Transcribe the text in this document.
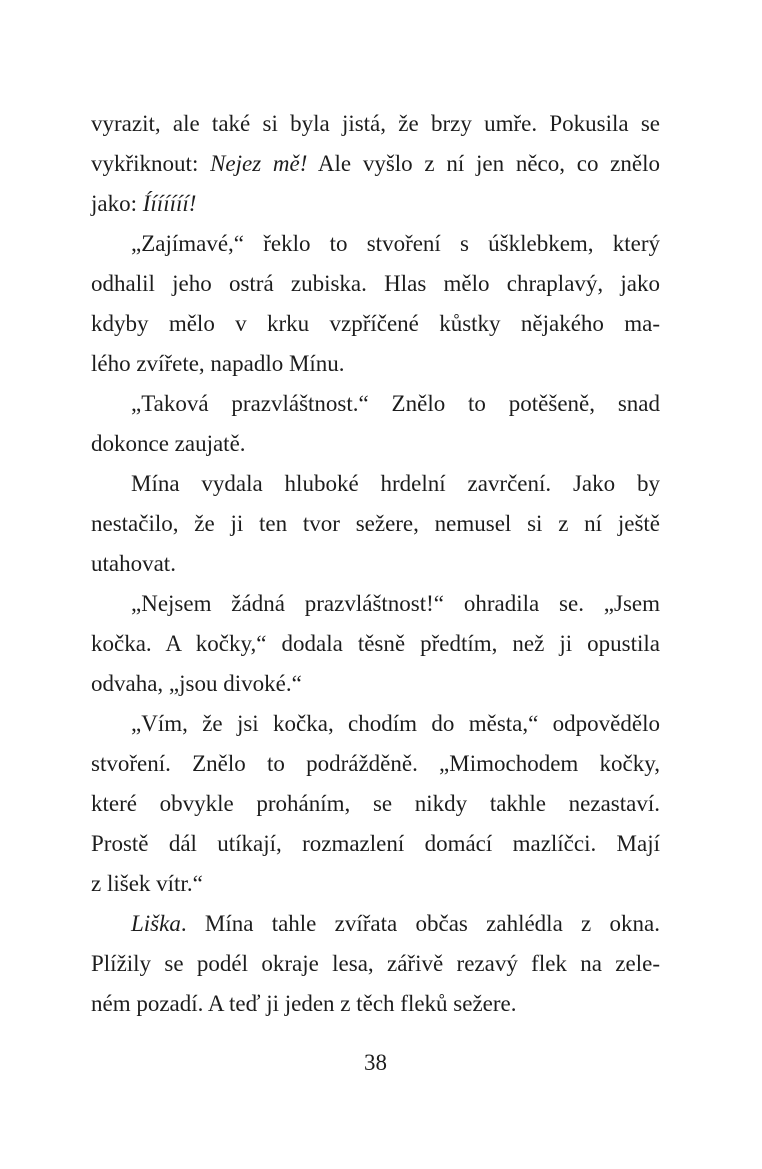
vyrazit, ale také si byla jistá, že brzy umře. Pokusila se
vykřiknout: Nejez mě! Ale vyšlo z ní jen něco, co znělo
jako: Ííííííí!

„Zajímavé,“ řeklo to stvoření s úšklebkem, který
odhalil jeho ostrá zubiska. Hlas mělo chraplavý, jako
kdyby mělo v krku vzpříčené kůstky nějakého ma-
lého zvířete, napadlo Mínu.

„Taková prazvláštnost.“ Znělo to potěšeně, snad
dokonce zaujatě.

Mína vydala hluboké hrdelní zavrčení. Jako by
nestačilo, že ji ten tvor sežere, nemusel si z ní ještě
utahovat.

„Nejsem žádná prazvláštnost!“ ohradila se. „Jsem
kočka. A kočky,“ dodala těsně předtím, než ji opustila
odvaha, „jsou divoké.“

„Vím, že jsi kočka, chodím do města,“ odpovědělo
stvoření. Znělo to podrážděně. „Mimochodem kočky,
které obvykle proháním, se nikdy takhle nezastaví.
Prostě dál utíkají, rozmazlení domácí mazlíčci. Mají
z lišek vítr.“

Liška. Mína tahle zvířata občas zahlédla z okna.
Plížily se podél okraje lesa, zářivě rezavý flek na zele-
ném pozadí. A teď ji jeden z těch fleků sežere.

38
